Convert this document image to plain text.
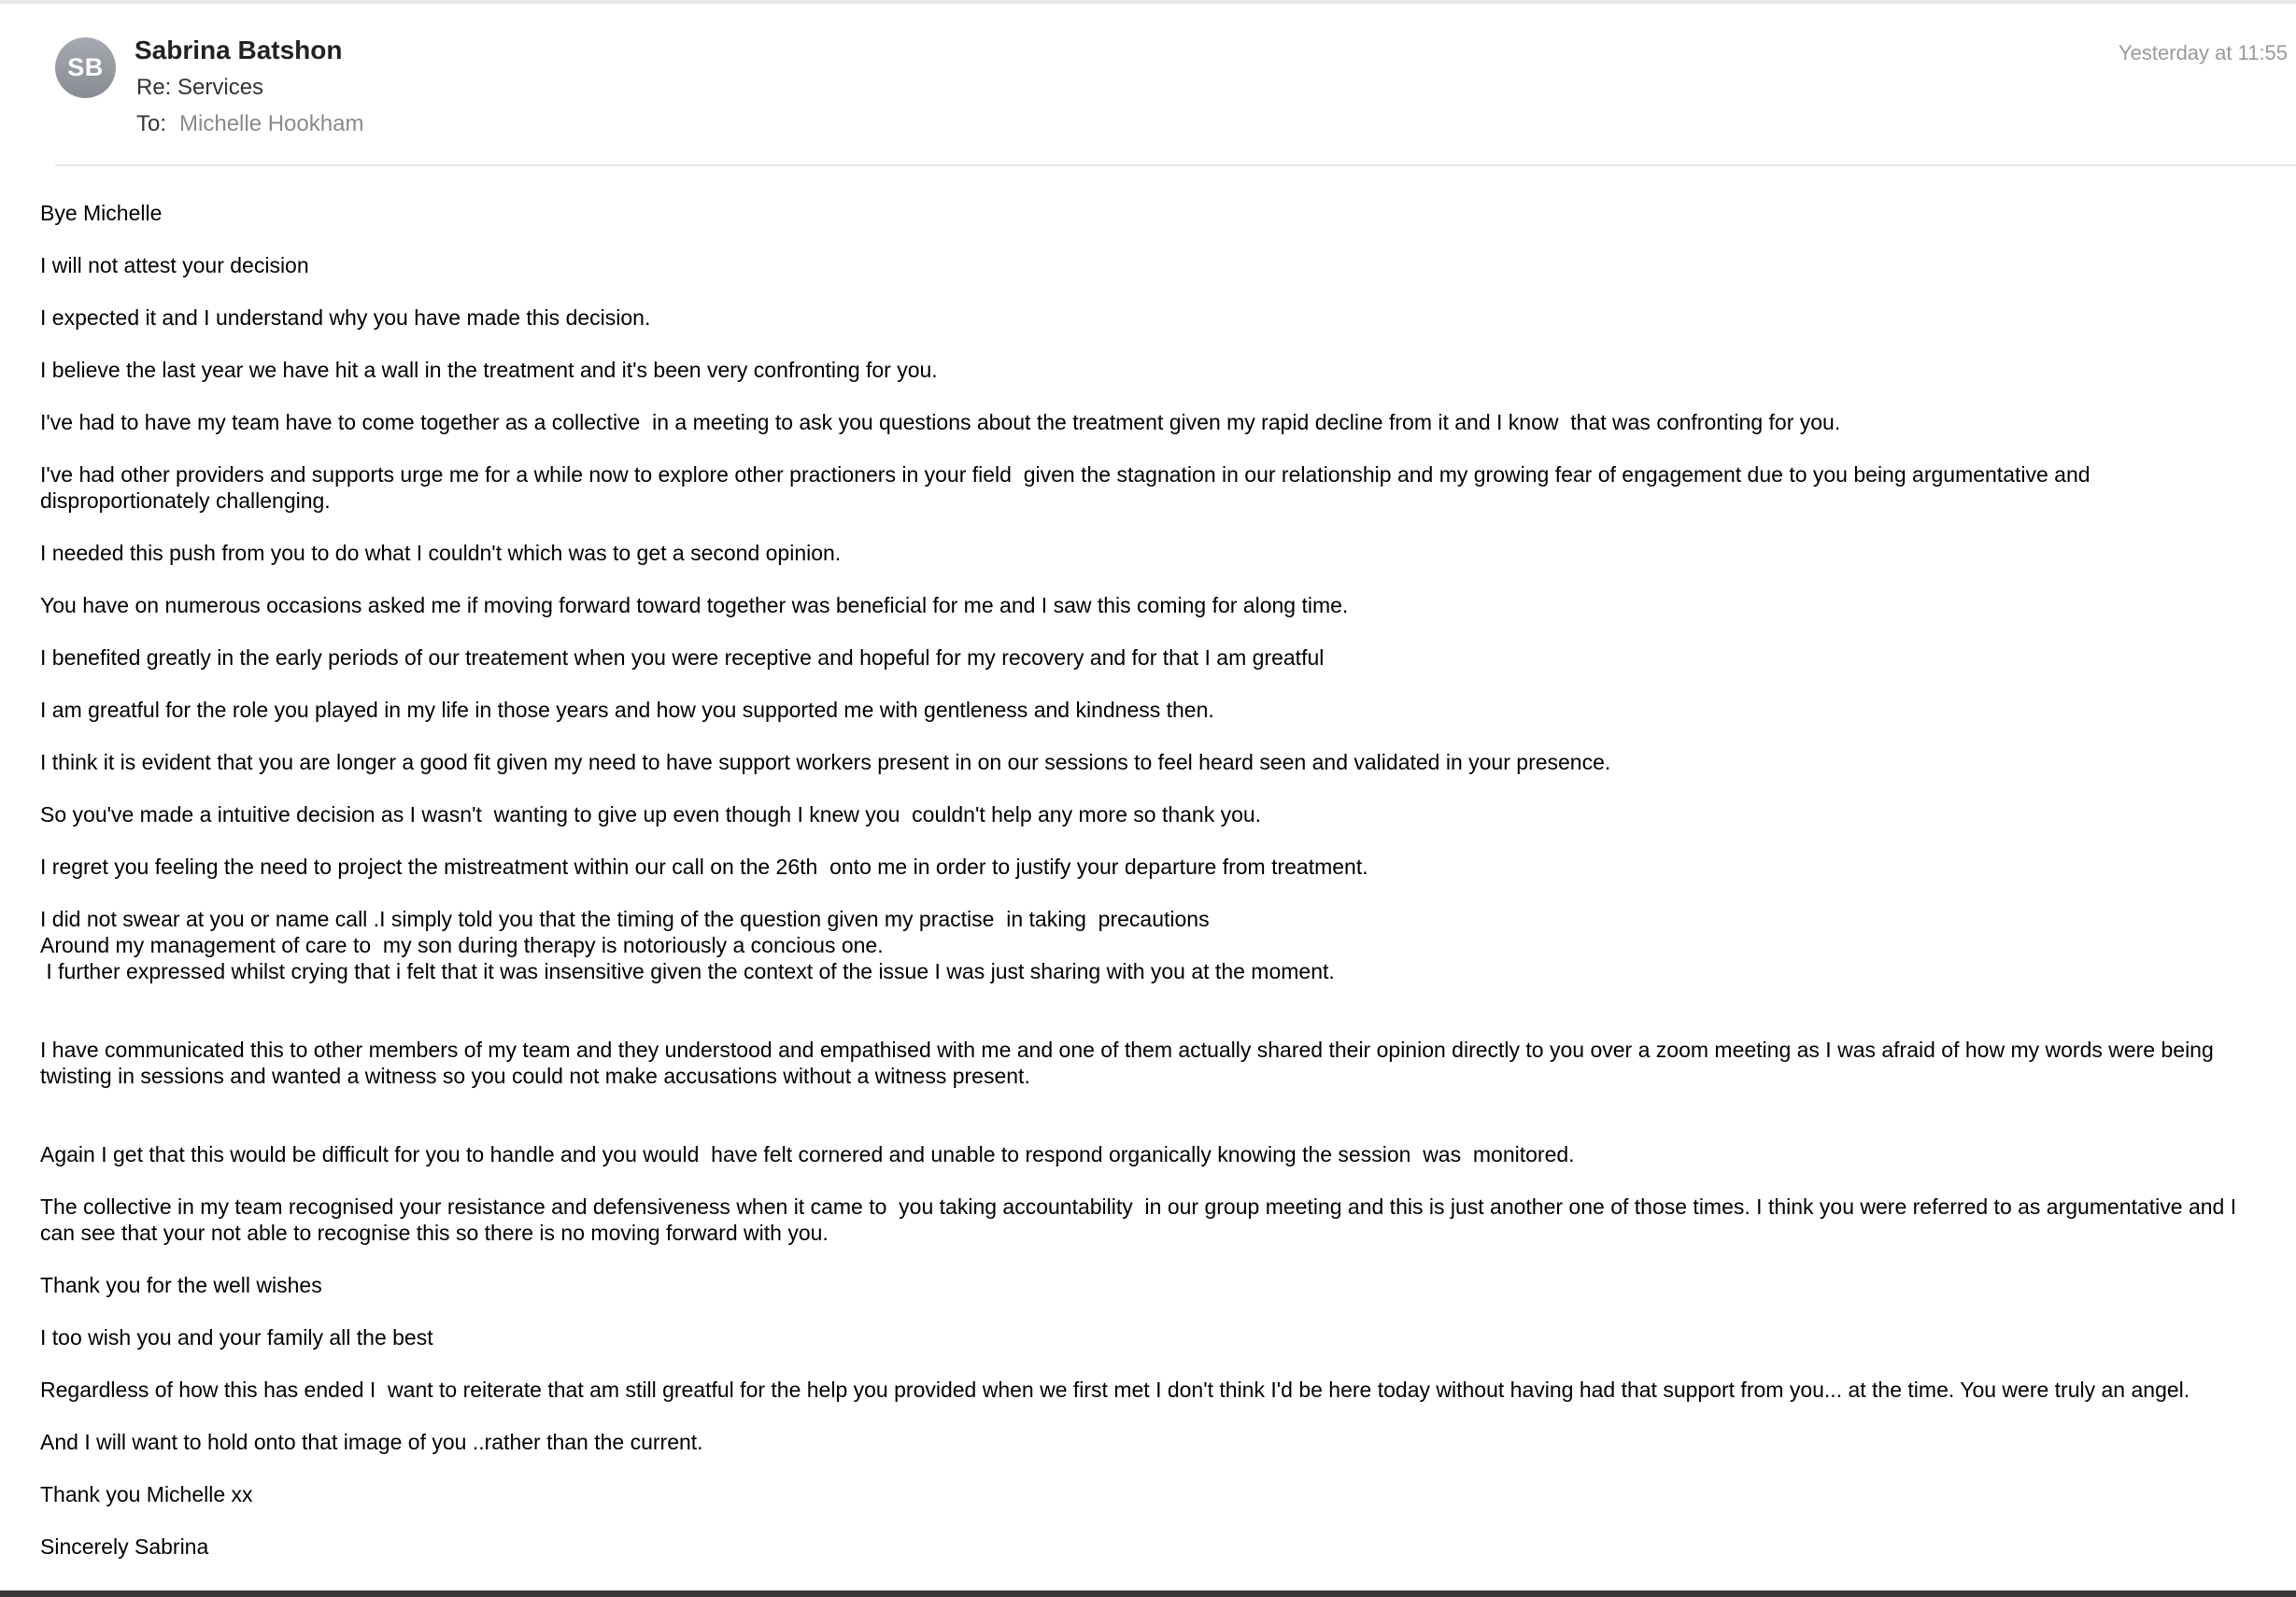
SB
Sabrina Batshon
Re: Services
To: Michelle Hookham
Yesterday at 11:55
Bye Michelle
I will not attest your decision
I expected it and I understand why you have made this decision.
I believe the last year we have hit a wall in the treatment and it's been very confronting for you.
I've had to have my team have to come together as a collective  in a meeting to ask you questions about the treatment given my rapid decline from it and I know  that was confronting for you.
I've had other providers and supports urge me for a while now to explore other practioners in your field  given the stagnation in our relationship and my growing fear of engagement due to you being argumentative and
disproportionately challenging.
I needed this push from you to do what I couldn't which was to get a second opinion.
You have on numerous occasions asked me if moving forward toward together was beneficial for me and I saw this coming for along time.
I benefited greatly in the early periods of our treatement when you were receptive and hopeful for my recovery and for that I am greatful
I am greatful for the role you played in my life in those years and how you supported me with gentleness and kindness then.
I think it is evident that you are longer a good fit given my need to have support workers present in on our sessions to feel heard seen and validated in your presence.
So you've made a intuitive decision as I wasn't  wanting to give up even though I knew you  couldn't help any more so thank you.
I regret you feeling the need to project the mistreatment within our call on the 26th  onto me in order to justify your departure from treatment.
I did not swear at you or name call .I simply told you that the timing of the question given my practise  in taking  precautions
Around my management of care to  my son during therapy is notoriously a concious one.
I further expressed whilst crying that i felt that it was insensitive given the context of the issue I was just sharing with you at the moment.
I have communicated this to other members of my team and they understood and empathised with me and one of them actually shared their opinion directly to you over a zoom meeting as I was afraid of how my words were being
twisting in sessions and wanted a witness so you could not make accusations without a witness present.
Again I get that this would be difficult for you to handle and you would  have felt cornered and unable to respond organically knowing the session  was  monitored.
The collective in my team recognised your resistance and defensiveness when it came to  you taking accountability  in our group meeting and this is just another one of those times. I think you were referred to as argumentative and I
can see that your not able to recognise this so there is no moving forward with you.
Thank you for the well wishes
I too wish you and your family all the best
Regardless of how this has ended I  want to reiterate that am still greatful for the help you provided when we first met I don't think I'd be here today without having had that support from you... at the time. You were truly an angel.
And I will want to hold onto that image of you ..rather than the current.
Thank you Michelle xx
Sincerely Sabrina
